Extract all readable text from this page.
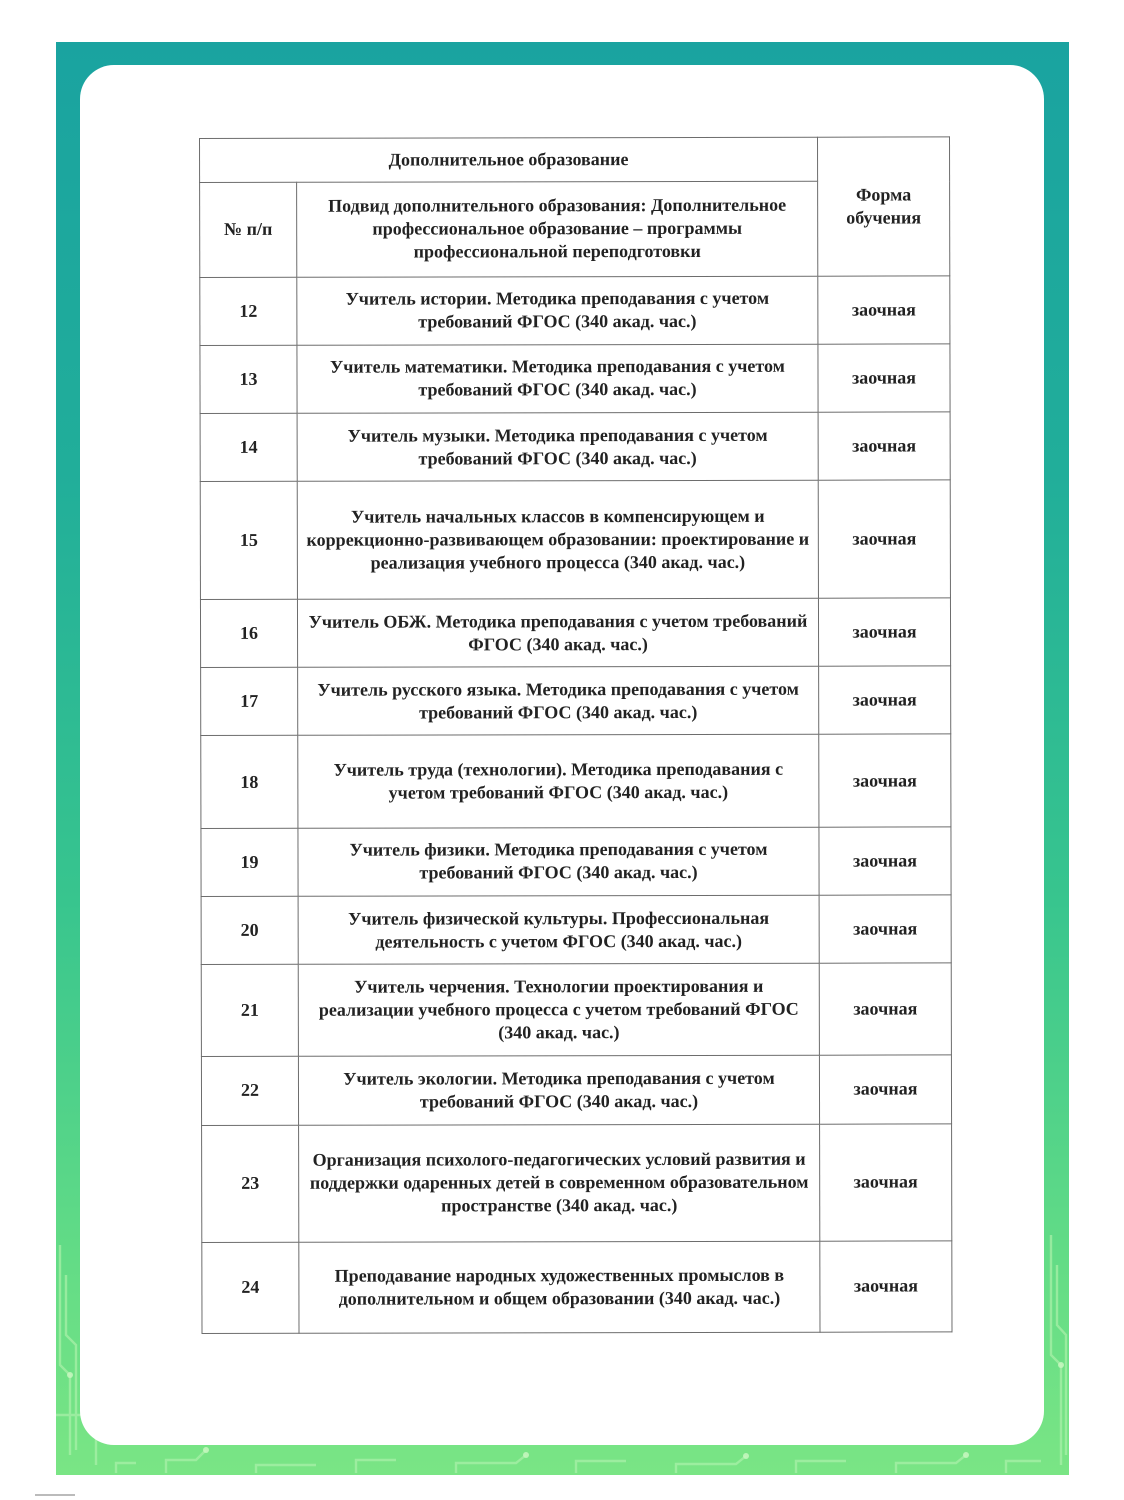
Дополнительное образование		Форма обучения
№ п/п	Подвид дополнительного образования: Дополнительное профессиональное образование – программы профессиональной переподготовки	
12	Учитель истории. Методика преподавания с учетом требований ФГОС (340 акад. час.)	заочная
13	Учитель математики. Методика преподавания с учетом требований ФГОС (340 акад. час.)	заочная
14	Учитель музыки. Методика преподавания с учетом требований ФГОС (340 акад. час.)	заочная
15	Учитель начальных классов в компенсирующем и коррекционно-развивающем образовании: проектирование и реализация учебного процесса (340 акад. час.)	заочная
16	Учитель ОБЖ. Методика преподавания с учетом требований ФГОС (340 акад. час.)	заочная
17	Учитель русского языка. Методика преподавания с учетом требований ФГОС (340 акад. час.)	заочная
18	Учитель труда (технологии). Методика преподавания с учетом требований ФГОС (340 акад. час.)	заочная
19	Учитель физики. Методика преподавания с учетом требований ФГОС (340 акад. час.)	заочная
20	Учитель физической культуры. Профессиональная деятельность с учетом ФГОС (340 акад. час.)	заочная
21	Учитель черчения. Технологии проектирования и реализации учебного процесса с учетом требований ФГОС (340 акад. час.)	заочная
22	Учитель экологии. Методика преподавания с учетом требований ФГОС (340 акад. час.)	заочная
23	Организация психолого-педагогических условий развития и поддержки одаренных детей в современном образовательном пространстве (340 акад. час.)	заочная
24	Преподавание народных художественных промыслов в дополнительном и общем образовании (340 акад. час.)	заочная
